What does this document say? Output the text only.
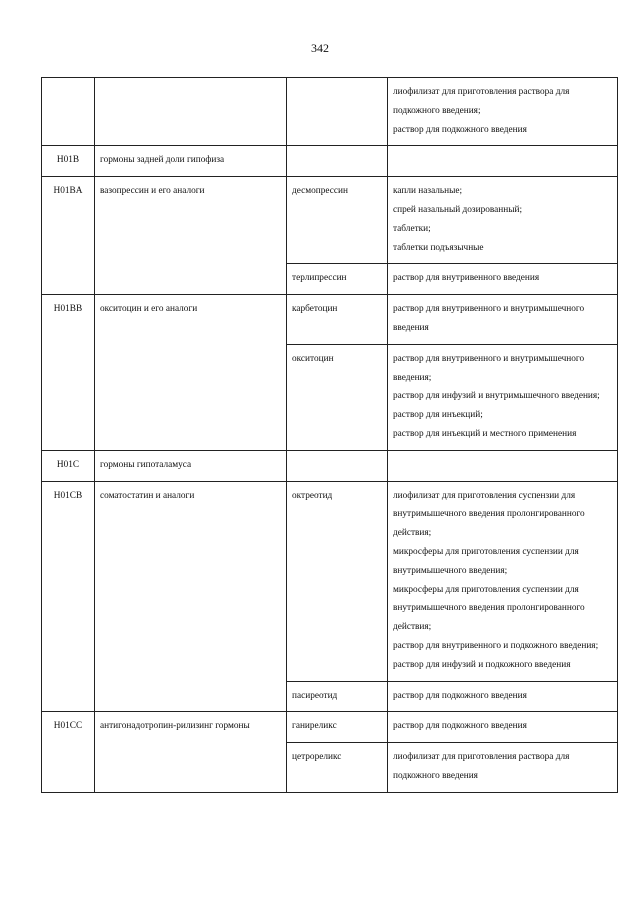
342

			лиофилизат для приготовления раствора для подкожного введения;
раствор для подкожного введения

H01B	гормоны задней доли гипофиза		
H01BA	вазопрессин и его аналоги	десмопрессин	капли назальные;
спрей назальный дозированный;
таблетки;
таблетки подъязычные

		терлипрессин	раствор для внутривенного введения

H01BB	окситоцин и его аналоги	карбетоцин	раствор для внутривенного и внутримышечного введения

		окситоцин	раствор для внутривенного и внутримышечного введения;
раствор для инфузий и внутримышечного введения;
раствор для инъекций;
раствор для инъекций и местного применения

H01C	гормоны гипоталамуса		
H01CB	соматостатин и аналоги	октреотид	лиофилизат для приготовления суспензии для внутримышечного введения пролонгированного действия;
микросферы для приготовления суспензии для внутримышечного введения;
микросферы для приготовления суспензии для внутримышечного введения пролонгированного действия;
раствор для внутривенного и подкожного введения;
раствор для инфузий и подкожного введения

		пасиреотид	раствор для подкожного введения

H01CC	антигонадотропин-рилизинг гормоны	ганиреликс	раствор для подкожного введения

		цетрореликс	лиофилизат для приготовления раствора для подкожного введения
